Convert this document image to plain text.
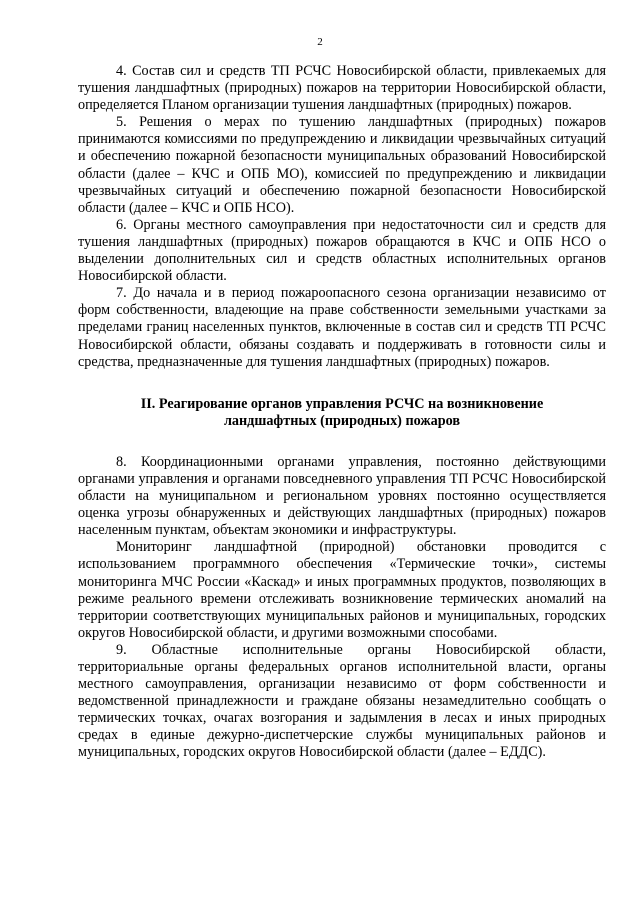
2

4. Состав сил и средств ТП РСЧС Новосибирской области, привлекаемых для тушения ландшафтных (природных) пожаров на территории Новосибирской области, определяется Планом организации тушения ландшафтных (природных) пожаров.

5. Решения о мерах по тушению ландшафтных (природных) пожаров принимаются комиссиями по предупреждению и ликвидации чрезвычайных ситуаций и обеспечению пожарной безопасности муниципальных образований Новосибирской области (далее – КЧС и ОПБ МО), комиссией по предупреждению и ликвидации чрезвычайных ситуаций и обеспечению пожарной безопасности Новосибирской области (далее – КЧС и ОПБ НСО).

6. Органы местного самоуправления при недостаточности сил и средств для тушения ландшафтных (природных) пожаров обращаются в КЧС и ОПБ НСО о выделении дополнительных сил и средств областных исполнительных органов Новосибирской области.

7. До начала и в период пожароопасного сезона организации независимо от форм собственности, владеющие на праве собственности земельными участками за пределами границ населенных пунктов, включенные в состав сил и средств ТП РСЧС Новосибирской области, обязаны создавать и поддерживать в готовности силы и средства, предназначенные для тушения ландшафтных (природных) пожаров.

II. Реагирование органов управления РСЧС на возникновение
ландшафтных (природных) пожаров

8. Координационными органами управления, постоянно действующими органами управления и органами повседневного управления ТП РСЧС Новосибирской области на муниципальном и региональном уровнях постоянно осуществляется оценка угрозы обнаруженных и действующих ландшафтных (природных) пожаров населенным пунктам, объектам экономики и инфраструктуры.

Мониторинг ландшафтной (природной) обстановки проводится с использованием программного обеспечения «Термические точки», системы мониторинга МЧС России «Каскад» и иных программных продуктов, позволяющих в режиме реального времени отслеживать возникновение термических аномалий на территории соответствующих муниципальных районов и муниципальных, городских округов Новосибирской области, и другими возможными способами.

9. Областные исполнительные органы Новосибирской области, территориальные органы федеральных органов исполнительной власти, органы местного самоуправления, организации независимо от форм собственности и ведомственной принадлежности и граждане обязаны незамедлительно сообщать о термических точках, очагах возгорания и задымления в лесах и иных природных средах в единые дежурно-диспетчерские службы муниципальных районов и муниципальных, городских округов Новосибирской области (далее – ЕДДС).
